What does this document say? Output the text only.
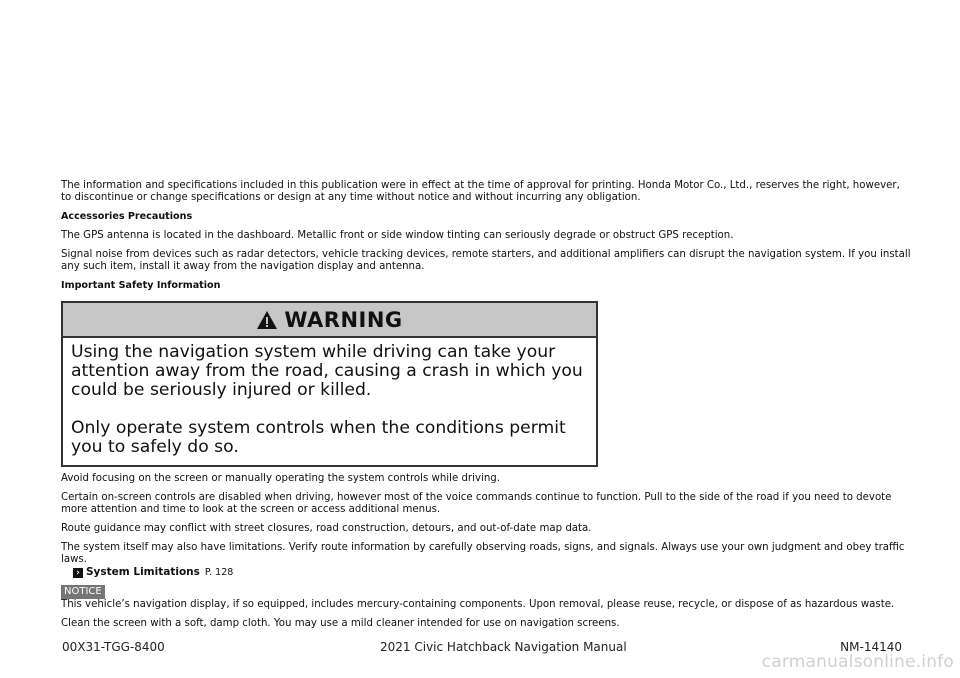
The information and specifications included in this publication were in effect at the time of approval for printing. Honda Motor Co., Ltd., reserves the right, however, to discontinue or change specifications or design at any time without notice and without incurring any obligation.

Accessories Precautions

The GPS antenna is located in the dashboard. Metallic front or side window tinting can seriously degrade or obstruct GPS reception.

Signal noise from devices such as radar detectors, vehicle tracking devices, remote starters, and additional amplifiers can disrupt the navigation system. If you install any such item, install it away from the navigation display and antenna.

Important Safety Information

WARNING

Using the navigation system while driving can take your attention away from the road, causing a crash in which you could be seriously injured or killed.

Only operate system controls when the conditions permit you to safely do so.

Avoid focusing on the screen or manually operating the system controls while driving.

Certain on-screen controls are disabled when driving, however most of the voice commands continue to function. Pull to the side of the road if you need to devote more attention and time to look at the screen or access additional menus.

Route guidance may conflict with street closures, road construction, detours, and out-of-date map data.

The system itself may also have limitations. Verify route information by carefully observing roads, signs, and signals. Always use your own judgment and obey traffic laws.

› System Limitations P. 128
NOTICE

This vehicle’s navigation display, if so equipped, includes mercury-containing components. Upon removal, please reuse, recycle, or dispose of as hazardous waste.

Clean the screen with a soft, damp cloth. You may use a mild cleaner intended for use on navigation screens.

00X31-TGG-8400	2021 Civic Hatchback Navigation Manual	NM-14140
carmanualsonline.info
